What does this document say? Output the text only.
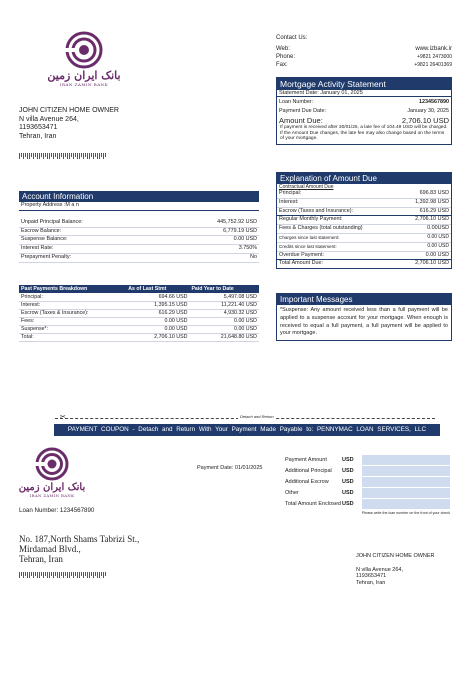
Contact Us:
Web:	www.izbank.ir
Phone:	+9821 2473000
Fax:	+9821 26401369
بانک ایران زمین
IRAN ZAMIN BANK
JOHN CITIZEN HOME OWNER
N villa Avenue 264,
1193653471
Tehran, Iran
Mortgage Activity Statement
Statement Date: January 01, 2025
Loan Number:	1234567890
Payment Due Date:	January 30, 2025
Amount Due:	2,706.10 USD
If payment is received after 30/01/25, a late fee of 104.49 USD will be charged. If the Amount Due changes, the late fee may also change based on the terms of your mortgage.
Account Information
Property Address :M a n
Unpaid Principal Balance:	445,752.92 USD
Escrow Balance:	6,779.19 USD
Suspense Balance:	0.00 USD
Interest Rate:	3.750%
Prepayment Penalty:	No
Explanation of Amount Due
Contractual Amount Due
Principal:	696.83 USD
Interest:	1,392.98 USD
Escrow (Taxes and Insurance):	616.29 USD
Regular Monthly Payment:	2,706.10 USD
Fees & Charges (total outstanding)	0.00USD
Charges since last statement:	0.00 USD
Credits since last statement:	0.00 USD
Overdue Payment:	0.00 USD
Total Amount Due:	2,706.10 USD
Past Payments Breakdown	As of Last Stmt	Paid Year to Date
Principal:	694.66 USD	5,497.08 USD
Interest:	1,395.15 USD	11,221.40 USD
Escrow (Taxes & Insurance):	616.29 USD	4,930.32 USD
Fees:	0.00 USD	0.00 USD
Suspense*:	0.00 USD	0.00 USD
Total:	2,706.10 USD	21,648.80 USD
Important Messages
*Suspense: Any amount received less than a full payment will be applied to a suspense account for your mortgage. When enough is received to equal a full payment, a full payment will be applied to your mortgage.
✂	Detach and Return
PAYMENT COUPON - Detach and Return With Your Payment Made Payable to: PENNYMAC LOAN SERVICES, LLC
بانک ایران زمین
IRAN ZAMIN BANK
Payment Date: 01/01/2025
Loan Number: 1234567890
Payment Amount	USD
Additional Principal	USD
Additional Escrow	USD
Other	USD
Total Amount Enclosed USD
Please write the loan number on the front of your check
No. 187,North Shams Tabrizi St.,
Mirdamad Blvd.,
Tehran, Iran	JOHN CITIZEN HOME OWNER
N villa Avenue 264,
1193653471
Tehran, Iran
